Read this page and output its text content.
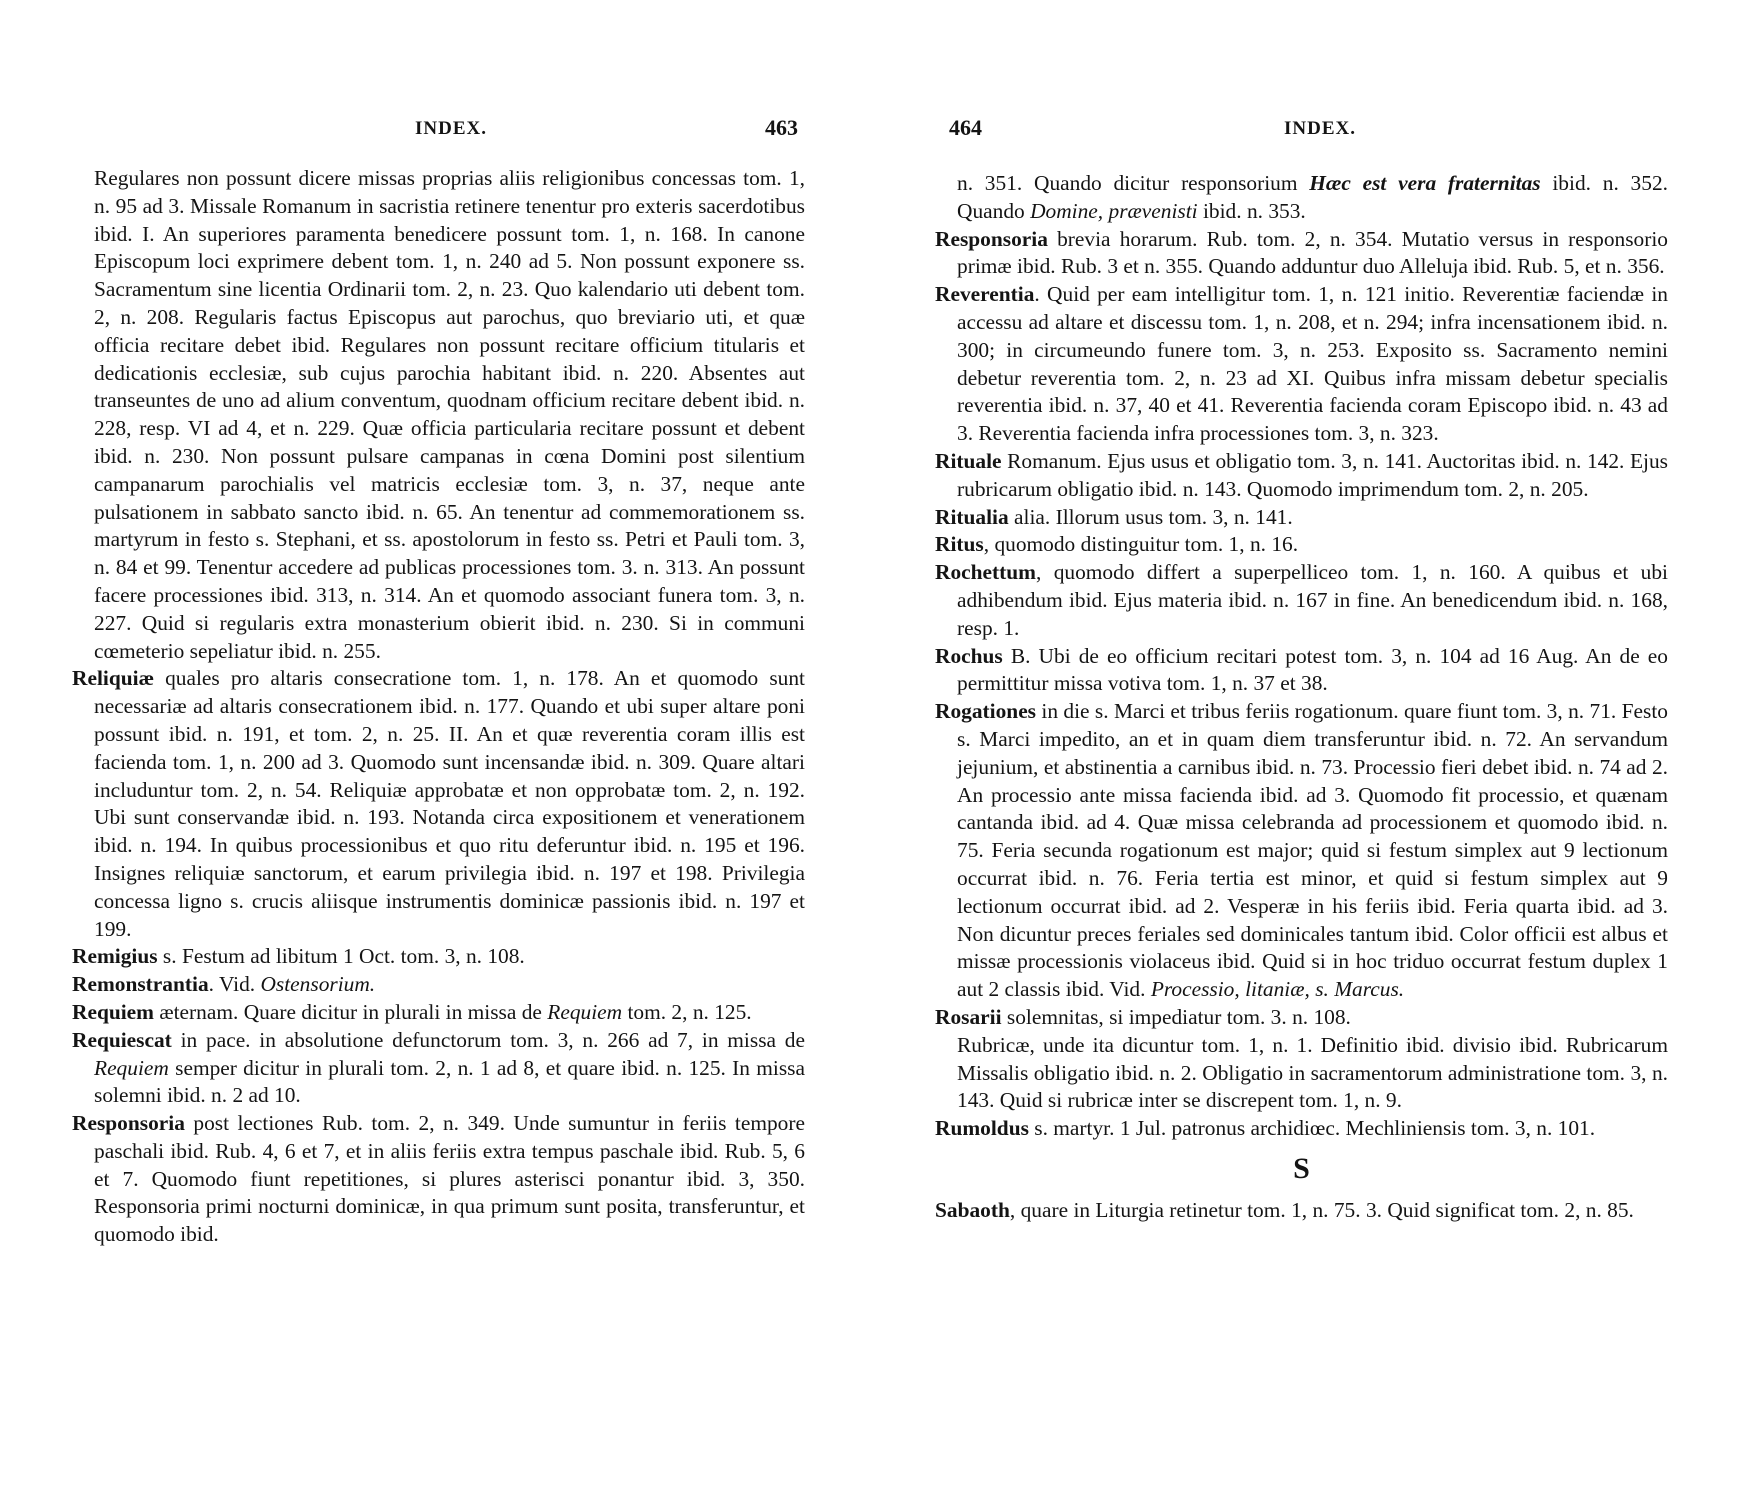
INDEX.	463

Regulares non possunt dicere missas proprias aliis religionibus concessas tom. 1, n. 95 ad 3. Missale Romanum in sacristia retinere tenentur pro exteris sacerdotibus ibid. I. An superiores paramenta benedicere possunt tom. 1, n. 168. In canone Episcopum loci exprimere debent tom. 1, n. 240 ad 5. Non possunt exponere ss. Sacramentum sine licentia Ordinarii tom. 2, n. 23. Quo kalendario uti debent tom. 2, n. 208. Regularis factus Episcopus aut parochus, quo breviario uti, et quæ officia recitare debet ibid. Regulares non possunt recitare officium titularis et dedicationis ecclesiæ, sub cujus parochia habitant ibid. n. 220. Absentes aut transeuntes de uno ad alium conventum, quodnam officium recitare debent ibid. n. 228, resp. VI ad 4, et n. 229. Quæ officia particularia recitare possunt et debent ibid. n. 230. Non possunt pulsare campanas in cœna Domini post silentium campanarum parochialis vel matricis ecclesiæ tom. 3, n. 37, neque ante pulsationem in sabbato sancto ibid. n. 65. An tenentur ad commemorationem ss. martyrum in festo s. Stephani, et ss. apostolorum in festo ss. Petri et Pauli tom. 3, n. 84 et 99. Tenentur accedere ad publicas processiones tom. 3. n. 313. An possunt facere processiones ibid. 313, n. 314. An et quomodo associant funera tom. 3, n. 227. Quid si regularis extra monasterium obierit ibid. n. 230. Si in communi cœmeterio sepeliatur ibid. n. 255.

Reliquiæ quales pro altaris consecratione tom. 1, n. 178. An et quomodo sunt necessariæ ad altaris consecrationem ibid. n. 177. Quando et ubi super altare poni possunt ibid. n. 191, et tom. 2, n. 25. II. An et quæ reverentia coram illis est facienda tom. 1, n. 200 ad 3. Quomodo sunt incensandæ ibid. n. 309. Quare altari includuntur tom. 2, n. 54. Reliquiæ approbatæ et non opprobatæ tom. 2, n. 192. Ubi sunt conservandæ ibid. n. 193. Notanda circa expositionem et venerationem ibid. n. 194. In quibus processionibus et quo ritu deferuntur ibid. n. 195 et 196. Insignes reliquiæ sanctorum, et earum privilegia ibid. n. 197 et 198. Privilegia concessa ligno s. crucis aliisque instrumentis dominicæ passionis ibid. n. 197 et 199.

Remigius s. Festum ad libitum 1 Oct. tom. 3, n. 108.

Remonstrantia. Vid. Ostensorium.

Requiem æternam. Quare dicitur in plurali in missa de Requiem tom. 2, n. 125.

Requiescat in pace. in absolutione defunctorum tom. 3, n. 266 ad 7, in missa de Requiem semper dicitur in plurali tom. 2, n. 1 ad 8, et quare ibid. n. 125. In missa solemni ibid. n. 2 ad 10.

Responsoria post lectiones Rub. tom. 2, n. 349. Unde sumuntur in feriis tempore paschali ibid. Rub. 4, 6 et 7, et in aliis feriis extra tempus paschale ibid. Rub. 5, 6 et 7. Quomodo fiunt repetitiones, si plures asterisci ponantur ibid. 3, 350. Responsoria primi nocturni dominicæ, in qua primum sunt posita, transferuntur, et quomodo ibid.

464	INDEX.

n. 351. Quando dicitur responsorium Hæc est vera fraternitas ibid. n. 352. Quando Domine, prævenisti ibid. n. 353.

Responsoria brevia horarum. Rub. tom. 2, n. 354. Mutatio versus in responsorio primæ ibid. Rub. 3 et n. 355. Quando adduntur duo Alleluja ibid. Rub. 5, et n. 356.

Reverentia. Quid per eam intelligitur tom. 1, n. 121 initio. Reverentiæ faciendæ in accessu ad altare et discessu tom. 1, n. 208, et n. 294; infra incensationem ibid. n. 300; in circumeundo funere tom. 3, n. 253. Exposito ss. Sacramento nemini debetur reverentia tom. 2, n. 23 ad XI. Quibus infra missam debetur specialis reverentia ibid. n. 37, 40 et 41. Reverentia facienda coram Episcopo ibid. n. 43 ad 3. Reverentia facienda infra processiones tom. 3, n. 323.

Rituale Romanum. Ejus usus et obligatio tom. 3, n. 141. Auctoritas ibid. n. 142. Ejus rubricarum obligatio ibid. n. 143. Quomodo imprimendum tom. 2, n. 205.

Ritualia alia. Illorum usus tom. 3, n. 141.

Ritus, quomodo distinguitur tom. 1, n. 16.

Rochettum, quomodo differt a superpelliceo tom. 1, n. 160. A quibus et ubi adhibendum ibid. Ejus materia ibid. n. 167 in fine. An benedicendum ibid. n. 168, resp. 1.

Rochus B. Ubi de eo officium recitari potest tom. 3, n. 104 ad 16 Aug. An de eo permittitur missa votiva tom. 1, n. 37 et 38.

Rogationes in die s. Marci et tribus feriis rogationum. quare fiunt tom. 3, n. 71. Festo s. Marci impedito, an et in quam diem transferuntur ibid. n. 72. An servandum jejunium, et abstinentia a carnibus ibid. n. 73. Processio fieri debet ibid. n. 74 ad 2. An processio ante missa facienda ibid. ad 3. Quomodo fit processio, et quænam cantanda ibid. ad 4. Quæ missa celebranda ad processionem et quomodo ibid. n. 75. Feria secunda rogationum est major; quid si festum simplex aut 9 lectionum occurrat ibid. n. 76. Feria tertia est minor, et quid si festum simplex aut 9 lectionum occurrat ibid. ad 2. Vesperæ in his feriis ibid. Feria quarta ibid. ad 3. Non dicuntur preces feriales sed dominicales tantum ibid. Color officii est albus et missæ processionis violaceus ibid. Quid si in hoc triduo occurrat festum duplex 1 aut 2 classis ibid. Vid. Processio, litaniæ, s. Marcus.

Rosarii solemnitas, si impediatur tom. 3. n. 108.

Rubricæ, unde ita dicuntur tom. 1, n. 1. Definitio ibid. divisio ibid. Rubricarum Missalis obligatio ibid. n. 2. Obligatio in sacramentorum administratione tom. 3, n. 143. Quid si rubricæ inter se discrepent tom. 1, n. 9.

Rumoldus s. martyr. 1 Jul. patronus archidiœc. Mechliniensis tom. 3, n. 101.

S

Sabaoth, quare in Liturgia retinetur tom. 1, n. 75. 3. Quid significat tom. 2, n. 85.
